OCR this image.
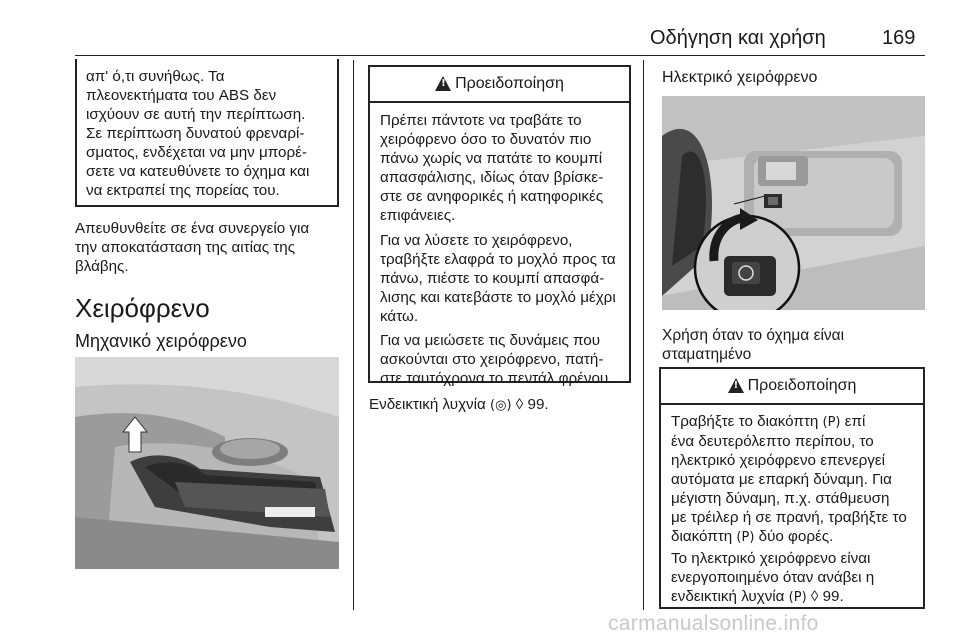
Οδήγηση και χρήση	169
απ' ό,τι συνήθως. Τα
πλεονεκτήματα του ABS δεν
ισχύουν σε αυτή την περίπτωση.
Σε περίπτωση δυνατού φρεναρί-
σματος, ενδέχεται να μην μπορέ-
σετε να κατευθύνετε το όχημα και
να εκτραπεί της πορείας του.
Απευθυνθείτε σε ένα συνεργείο για
την αποκατάσταση της αιτίας της
βλάβης.
Χειρόφρενο
Μηχανικό χειρόφρενο
!
Προειδοποίηση
Πρέπει πάντοτε να τραβάτε το
χειρόφρενο όσο το δυνατόν πιο
πάνω χωρίς να πατάτε το κουμπί
απασφάλισης, ιδίως όταν βρίσκε-
στε σε ανηφορικές ή κατηφορικές
επιφάνειες.
Για να λύσετε το χειρόφρενο,
τραβήξτε ελαφρά το μοχλό προς τα
πάνω, πιέστε το κουμπί απασφά-
λισης και κατεβάστε το μοχλό μέχρι
κάτω.
Για να μειώσετε τις δυνάμεις που
ασκούνται στο χειρόφρενο, πατή-
στε ταυτόχρονα το πεντάλ φρένου.
Ενδεικτική λυχνία (◎) ◊ 99.
Ηλεκτρικό χειρόφρενο
Χρήση όταν το όχημα είναι
σταματημένο
!
Προειδοποίηση
Τραβήξτε το διακόπτη (P) επί
ένα δευτερόλεπτο περίπου, το
ηλεκτρικό χειρόφρενο επενεργεί
αυτόματα με επαρκή δύναμη. Για
μέγιστη δύναμη, π.χ. στάθμευση
με τρέιλερ ή σε πρανή, τραβήξτε το
διακόπτη (P) δύο φορές.
Το ηλεκτρικό χειρόφρενο είναι
ενεργοποιημένο όταν ανάβει η
ενδεικτική λυχνία (P) ◊ 99.
carmanualsonline.info
